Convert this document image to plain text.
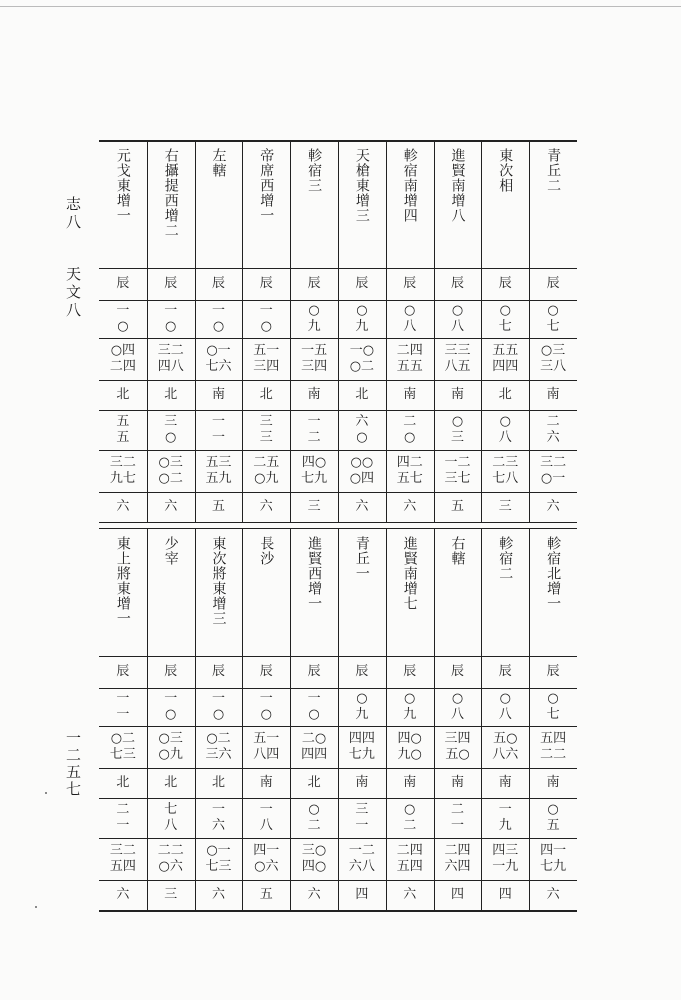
志八  天文八
一二五七
元戈東增一
辰
一
○
○四
二四
北
五
五
三二
九七
六
右攝提西增二
辰
一
○
三二
四八
北
三
○
○三
○二
六
左轄
辰
一
○
○一
七六
南
一
一
五三
五九
五
帝席西增一
辰
一
○
五一
三四
北
三
三
二五
○九
六
軫宿三
辰
○
九
一五
三四
南
一
二
四○
七九
三
天槍東增三
辰
○
九
一○
○二
北
六
○
○○
○四
六
軫宿南增四
辰
○
八
二四
五五
南
二
○
四二
五七
六
進賢南增八
辰
○
八
三三
八五
南
○
三
一二
三七
五
東次相
辰
○
七
五五
四四
北
○
八
二三
七八
三
青丘二
辰
○
七
○三
三八
南
二
六
三二
○一
六
東上將東增一
辰
一
一
○二
七三
北
二
一
三二
五四
六
少宰
辰
一
○
○三
○九
北
七
八
二二
○六
三
東次將東增三
辰
一
○
○二
三六
北
一
六
○一
七三
六
長沙
辰
一
○
五一
八四
南
一
八
四一
○六
五
進賢西增一
辰
一
○
二○
四四
北
○
二
三○
四○
六
青丘一
辰
○
九
四四
七九
南
三
一
一二
六八
四
進賢南增七
辰
○
九
四○
九○
南
○
二
二四
五四
六
右轄
辰
○
八
三四
五○
南
二
一
二四
六四
四
軫宿二
辰
○
八
五○
八六
南
一
九
四三
一九
四
軫宿北增一
辰
○
七
五四
二二
南
○
五
四一
七九
六
